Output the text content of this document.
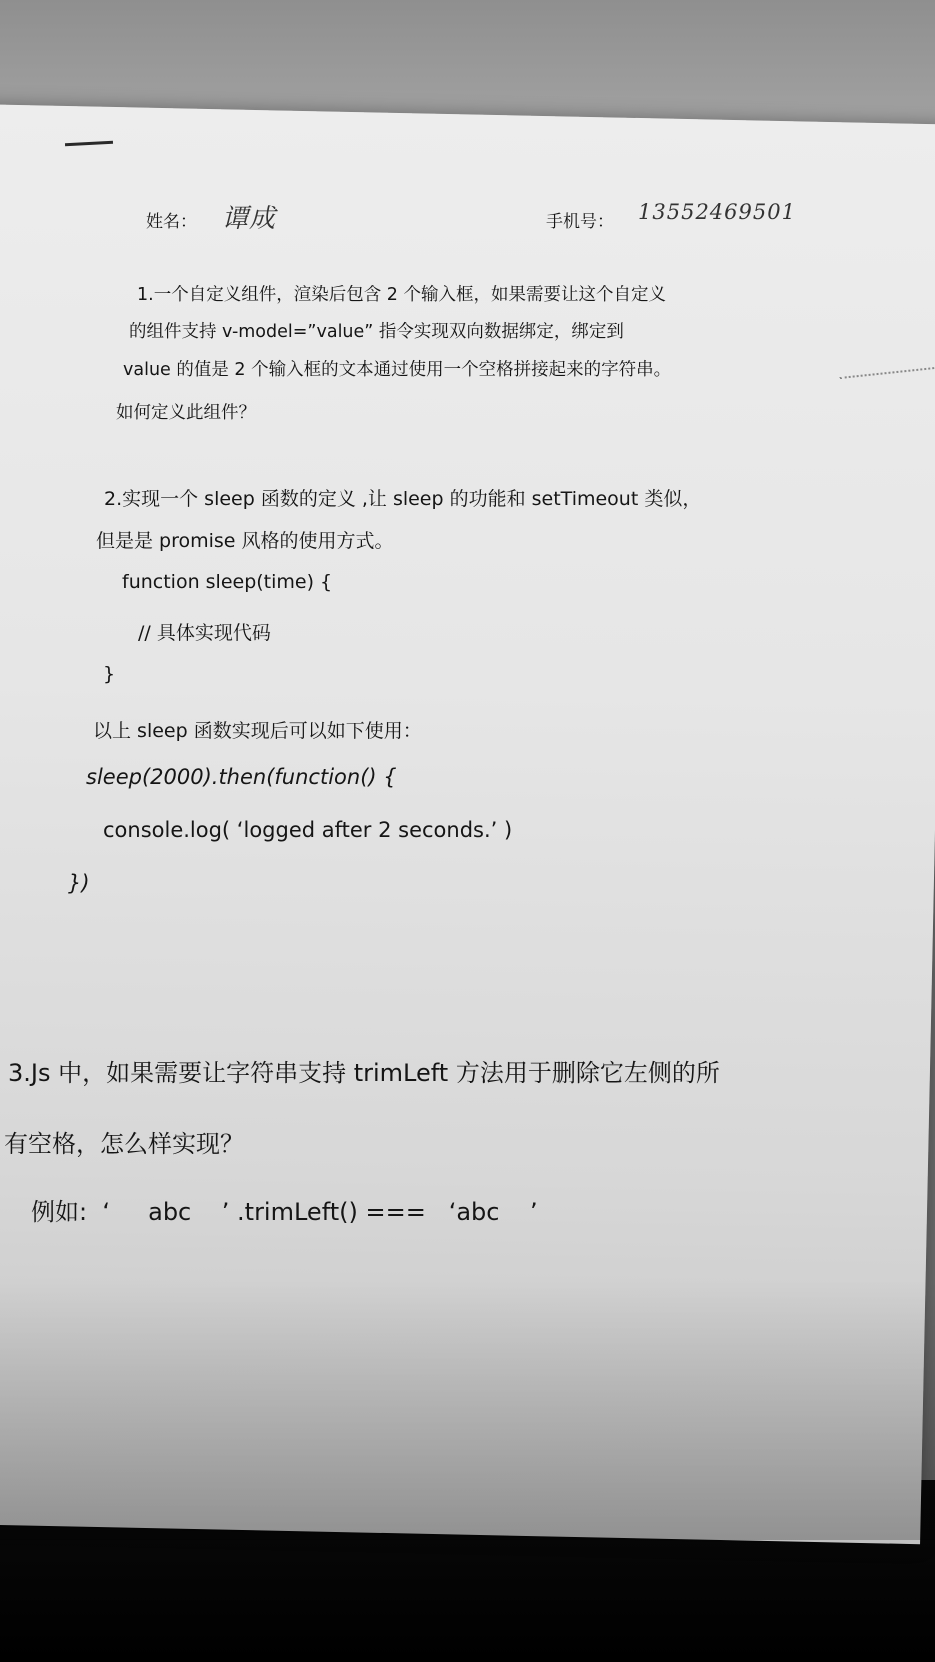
姓名： 谭成	手机号： 13552469501
1.一个自定义组件，渲染后包含 2 个输入框，如果需要让这个自定义
的组件支持 v-model=”value” 指令实现双向数据绑定，绑定到
value 的值是 2 个输入框的文本通过使用一个空格拼接起来的字符串。
如何定义此组件？
2.实现一个 sleep 函数的定义 ,让 sleep 的功能和 setTimeout 类似，
但是是 promise 风格的使用方式。
function sleep(time) {
// 具体实现代码
}
以上 sleep 函数实现后可以如下使用：
sleep(2000).then(function() {
console.log( ‘logged after 2 seconds.’ )
})
3.Js 中，如果需要让字符串支持 trimLeft 方法用于删除它左侧的所
有空格，怎么样实现？
例如:  ‘     abc    ’ .trimLeft() ===   ‘abc    ’
